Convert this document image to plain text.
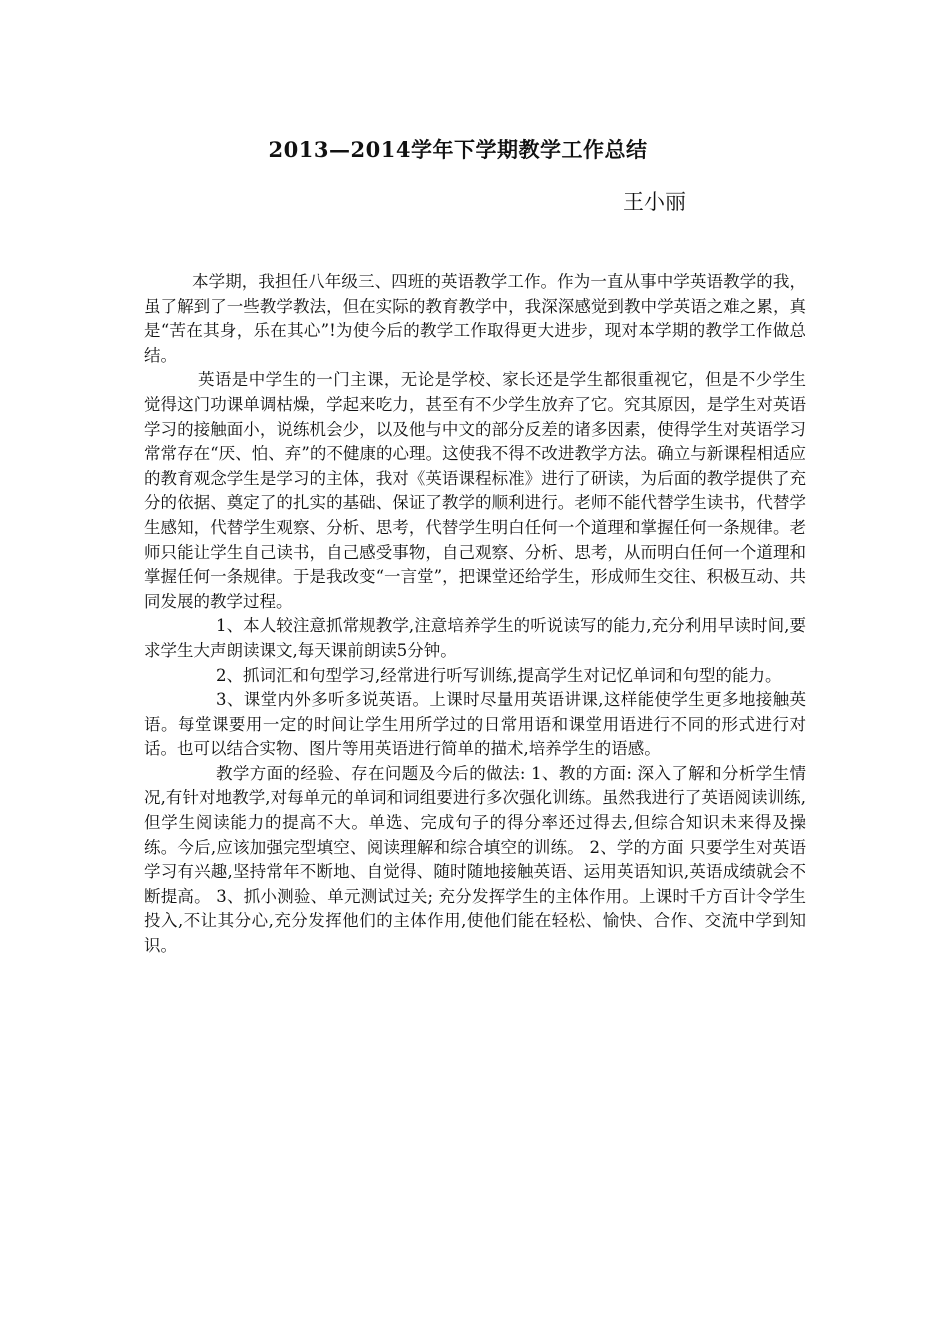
2013—2014学年下学期教学工作总结
王小丽

本学期，我担任八年级三、四班的英语教学工作。作为一直从事中学英语教学的我，虽了解到了一些教学教法，但在实际的教育教学中，我深深感觉到教中学英语之难之累，真是“苦在其身，乐在其心”!为使今后的教学工作取得更大进步，现对本学期的教学工作做总结。

英语是中学生的一门主课，无论是学校、家长还是学生都很重视它，但是不少学生觉得这门功课单调枯燥，学起来吃力，甚至有不少学生放弃了它。究其原因，是学生对英语学习的接触面小，说练机会少，以及他与中文的部分反差的诸多因素，使得学生对英语学习常常存在“厌、怕、弃”的不健康的心理。这使我不得不改进教学方法。确立与新课程相适应的教育观念学生是学习的主体，我对《英语课程标准》进行了研读，为后面的教学提供了充分的依据、奠定了的扎实的基础、保证了教学的顺利进行。老师不能代替学生读书，代替学生感知，代替学生观察、分析、思考，代替学生明白任何一个道理和掌握任何一条规律。老师只能让学生自己读书，自己感受事物，自己观察、分析、思考，从而明白任何一个道理和掌握任何一条规律。于是我改变“一言堂”，把课堂还给学生，形成师生交往、积极互动、共同发展的教学过程。

1、本人较注意抓常规教学,注意培养学生的听说读写的能力,充分利用早读时间,要求学生大声朗读课文,每天课前朗读5分钟。

2、抓词汇和句型学习,经常进行听写训练,提高学生对记忆单词和句型的能力。

3、课堂内外多听多说英语。上课时尽量用英语讲课,这样能使学生更多地接触英语。每堂课要用一定的时间让学生用所学过的日常用语和课堂用语进行不同的形式进行对话。也可以结合实物、图片等用英语进行简单的描术,培养学生的语感。

教学方面的经验、存在问题及今后的做法: 1、教的方面: 深入了解和分析学生情况,有针对地教学,对每单元的单词和词组要进行多次强化训练。虽然我进行了英语阅读训练,但学生阅读能力的提高不大。单选、完成句子的得分率还过得去,但综合知识未来得及操练。今后,应该加强完型填空、阅读理解和综合填空的训练。 2、学的方面 只要学生对英语学习有兴趣,坚持常年不断地、自觉得、随时随地接触英语、运用英语知识,英语成绩就会不断提高。 3、抓小测验、单元测试过关; 充分发挥学生的主体作用。上课时千方百计令学生投入,不让其分心,充分发挥他们的主体作用,使他们能在轻松、愉快、合作、交流中学到知识。
